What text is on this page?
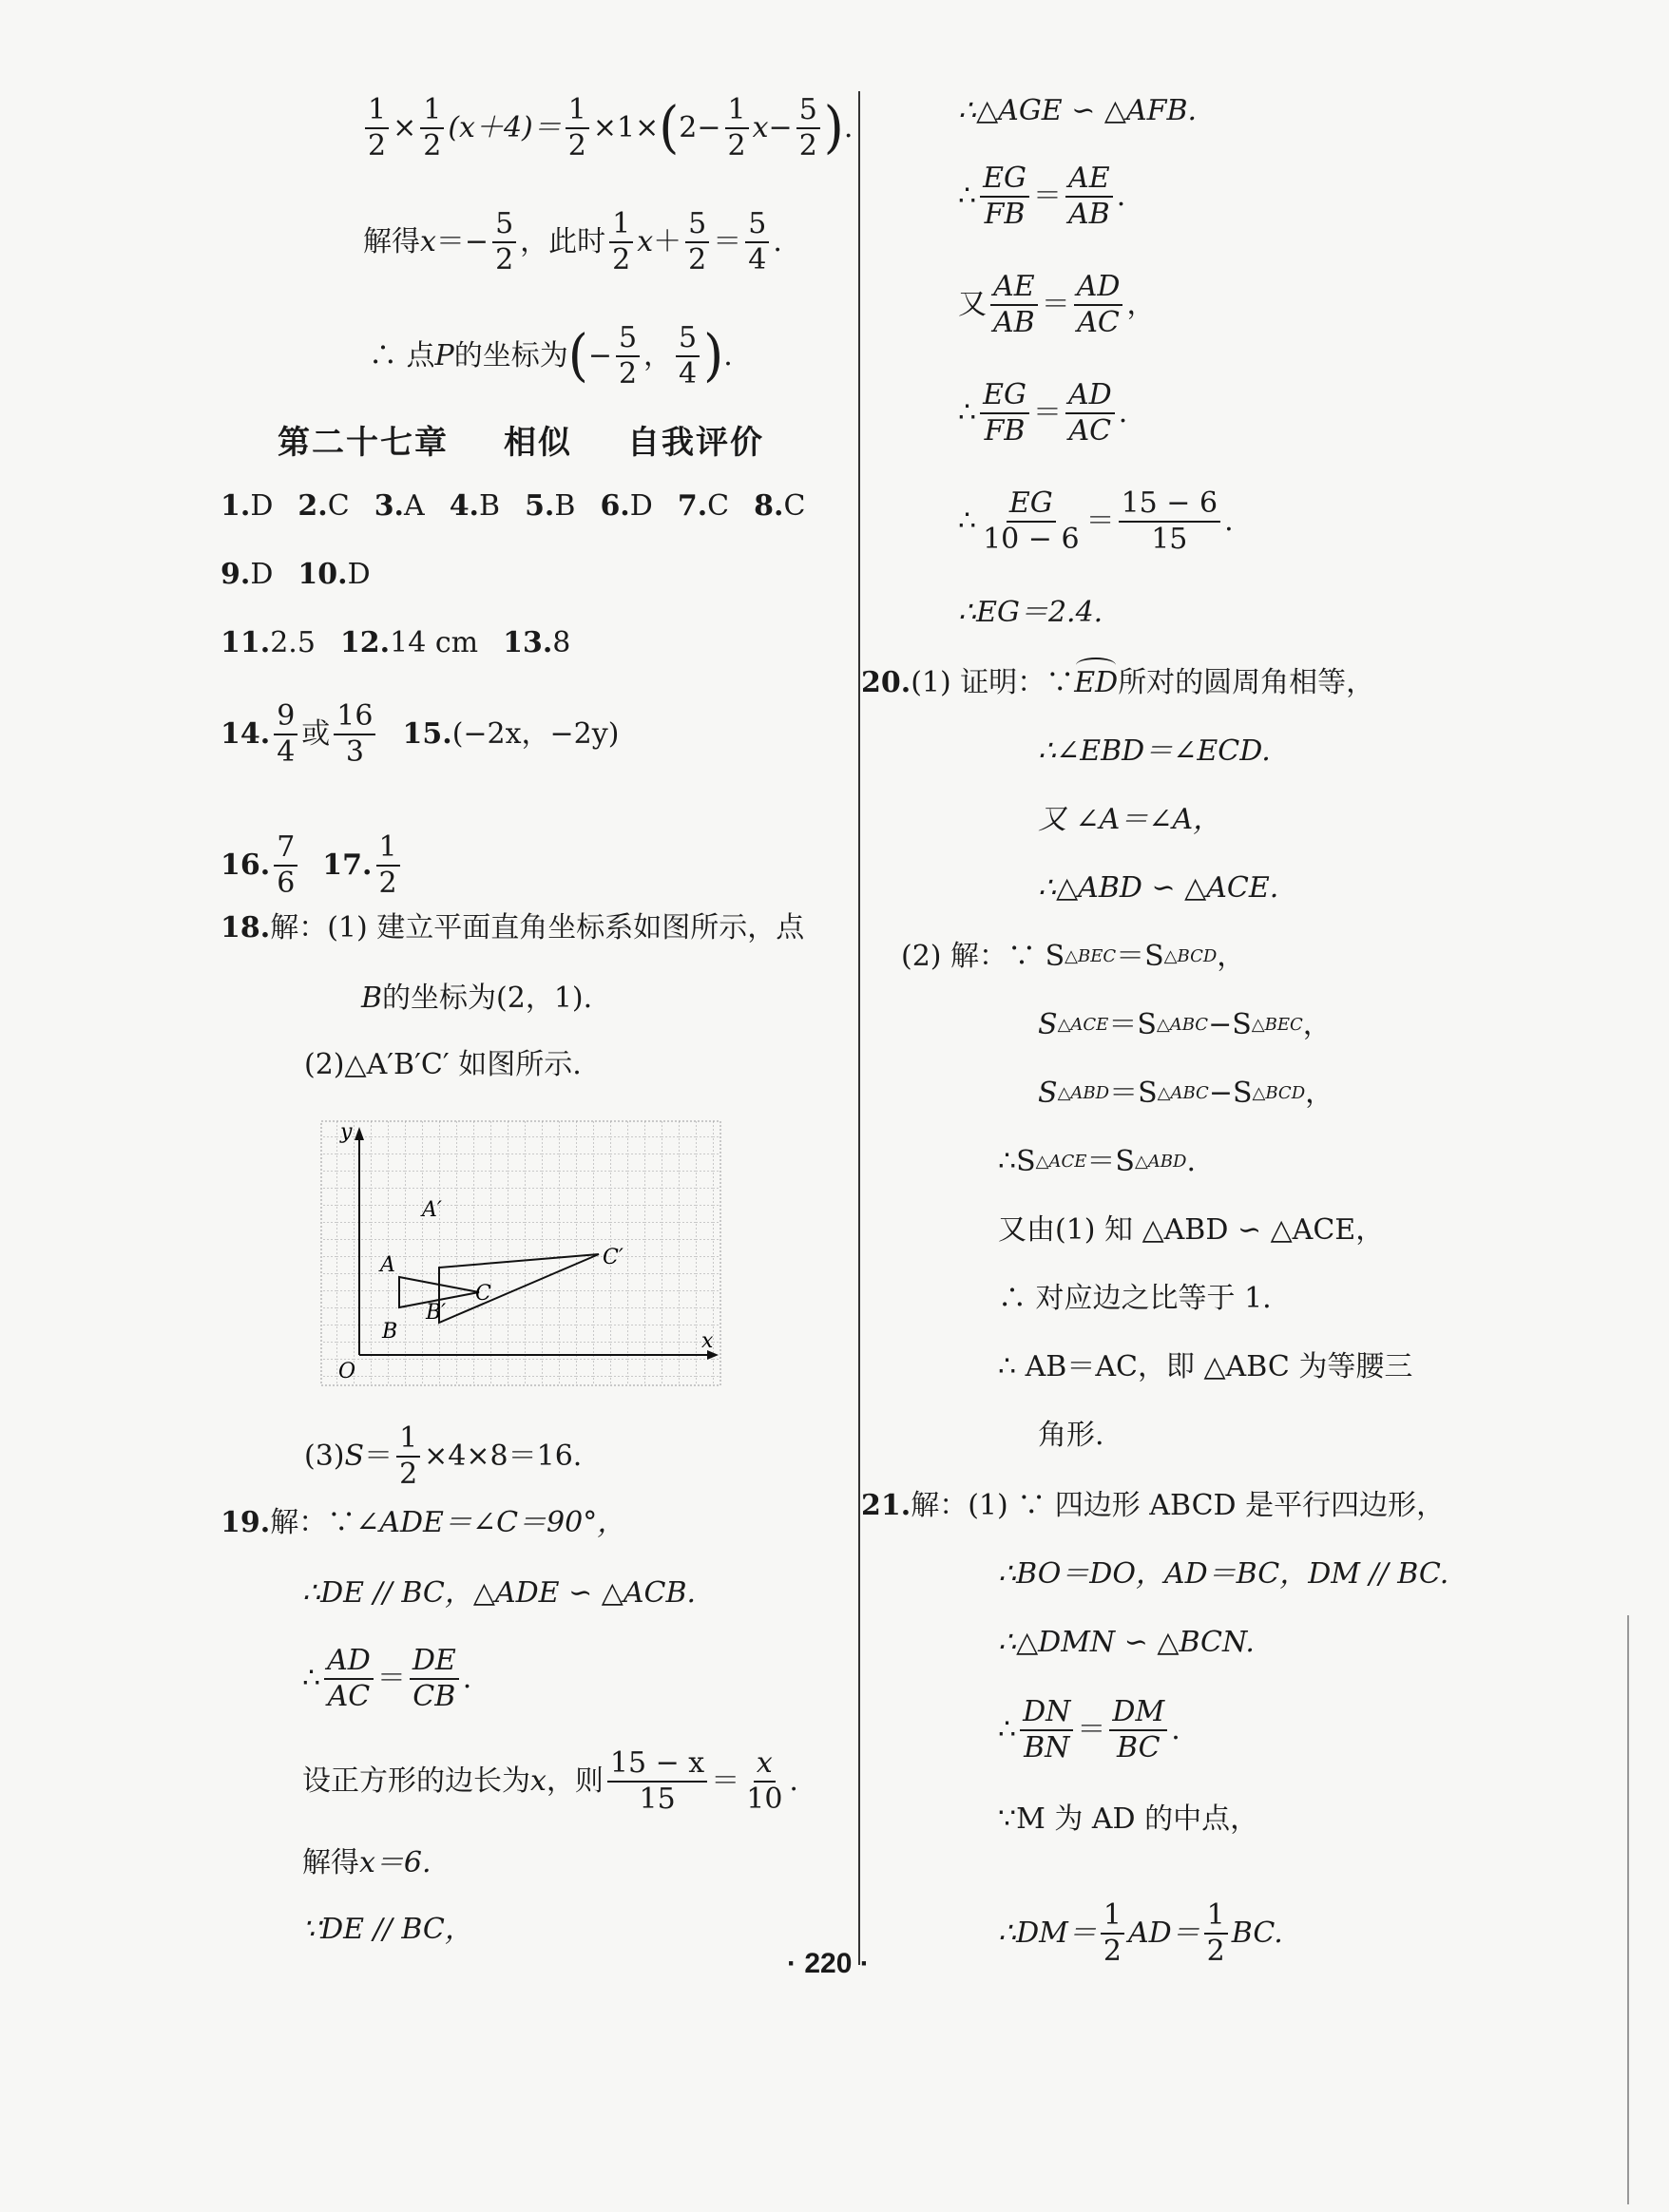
$\frac{1}{2} \times \frac{1}{2} (x+4)= \frac{1}{2} \times 1\times$ ( $2- \frac{1}{2} x- \frac{5}{2}$ ) .
解得 $x =- \frac{5}{2}$ ，此时 $\frac{1}{2}$ $x + \frac{5}{2} = \frac{5}{4}$ .
∴ 点 P 的坐标为 ( − $\frac{5}{2}$ ， $\frac{5}{4}$ ) .
第二十七章 相似 自我评价
1. D 2. C 3. A 4. B 5. B 6. D 7. C 8. C
9. D 10. D
11. 2.5 12. 14 cm 13. 8
14. $\frac{9}{4}$ 或 $\frac{16}{3} 15$. (−2x，−2y)
16. $\frac{7}{6} 17$. $\frac{1}{2}$
18. 解：(1) 建立平面直角坐标系如图所示，点
B 的坐标为(2，1).
(2)△A′B′C′ 如图所示.
y
x
O
A
B
C
A′
B′
C′
(3) $S = \frac{1}{2} \times 4\times 8=16$.
19. 解：∵ ∠ADE＝∠C＝90°，
∴DE // BC，△ADE ∽ △ACB.
∴ $\frac{AD}{AC} = \frac{DE}{CB}$ .
设正方形的边长为 x ，则 $\frac{15 - x}{15} = \frac{x}{10}$ .
解得 x＝6.
∵DE // BC，
∴△AGE ∽ △AFB.
∴ $\frac{EG}{FB} = \frac{AE}{AB}$ .
又 $\frac{AE}{AB} = \frac{AD}{AC}$ ，
∴ $\frac{EG}{FB} = \frac{AD}{AC}$ .
∴ $\frac{EG}{10 - 6} = \frac{15 - 6}{15}$ .
∴EG＝2.4.
20. (1) 证明：∵ ED 所对的圆周角相等，
∴∠EBD＝∠ECD.
又 ∠A＝∠A，
∴△ABD ∽ △ACE.
(2) 解：∵ S △BEC ＝S △BCD ，
S △ACE ＝S △ABC −S △BEC ，
S △ABD ＝S △ABC −S △BCD ，
∴S △ACE ＝S △ABD .
又由(1) 知 △ABD ∽ △ACE，
∴ 对应边之比等于 1.
∴ AB＝AC，即 △ABC 为等腰三
角形.
21. 解：(1) ∵ 四边形 ABCD 是平行四边形，
∴BO＝DO，AD＝BC，DM // BC.
∴△DMN ∽ △BCN.
∴ $\frac{DN}{BN} = \frac{DM}{BC}$ .
∵M 为 AD 的中点，
∴DM＝ $\frac{1}{2} AD= \frac{1}{2}$ BC.
· 220 ·
